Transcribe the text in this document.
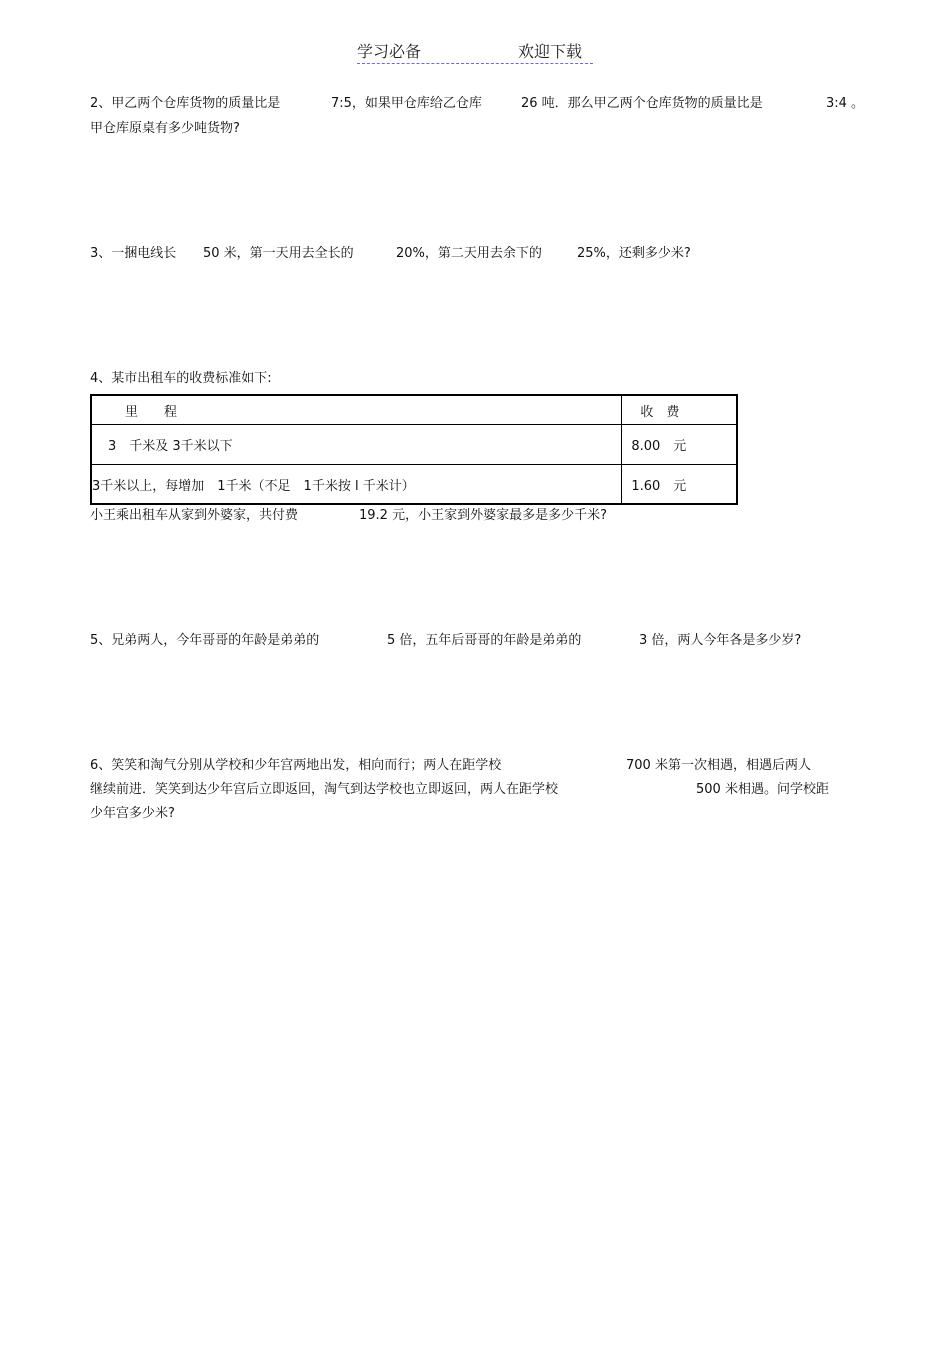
学习必备	欢迎下载
2、甲乙两个仓库货物的质量比是	7:5，如果甲仓库给乙仓库	26 吨．那么甲乙两个仓库货物的质量比是	3:4 。
甲仓库原桌有多少吨货物?
3、一捆电线长 50 米，第一天用去全长的	20%，第二天用去余下的	25%，还剩多少米?
4、某市出租车的收费标准如下:
里　　程	收　费
3　千米及 3千米以下	8.00　元
3千米以上，每增加　1千米（不足　1千米按 l 千米计）	1.60　元
小王乘出租车从家到外婆家，共付费	19.2 元，小王家到外婆家最多是多少千米?
5、兄弟两人，今年哥哥的年龄是弟弟的	5 倍，五年后哥哥的年龄是弟弟的	3 倍，两人今年各是多少岁?
6、笑笑和淘气分别从学校和少年宫两地出发，相向而行；两人在距学校	700 米第一次相遇，相遇后两人
继续前进．笑笑到达少年宫后立即返回，淘气到达学校也立即返回，两人在距学校	500 米相遇。问学校距
少年宫多少米?
